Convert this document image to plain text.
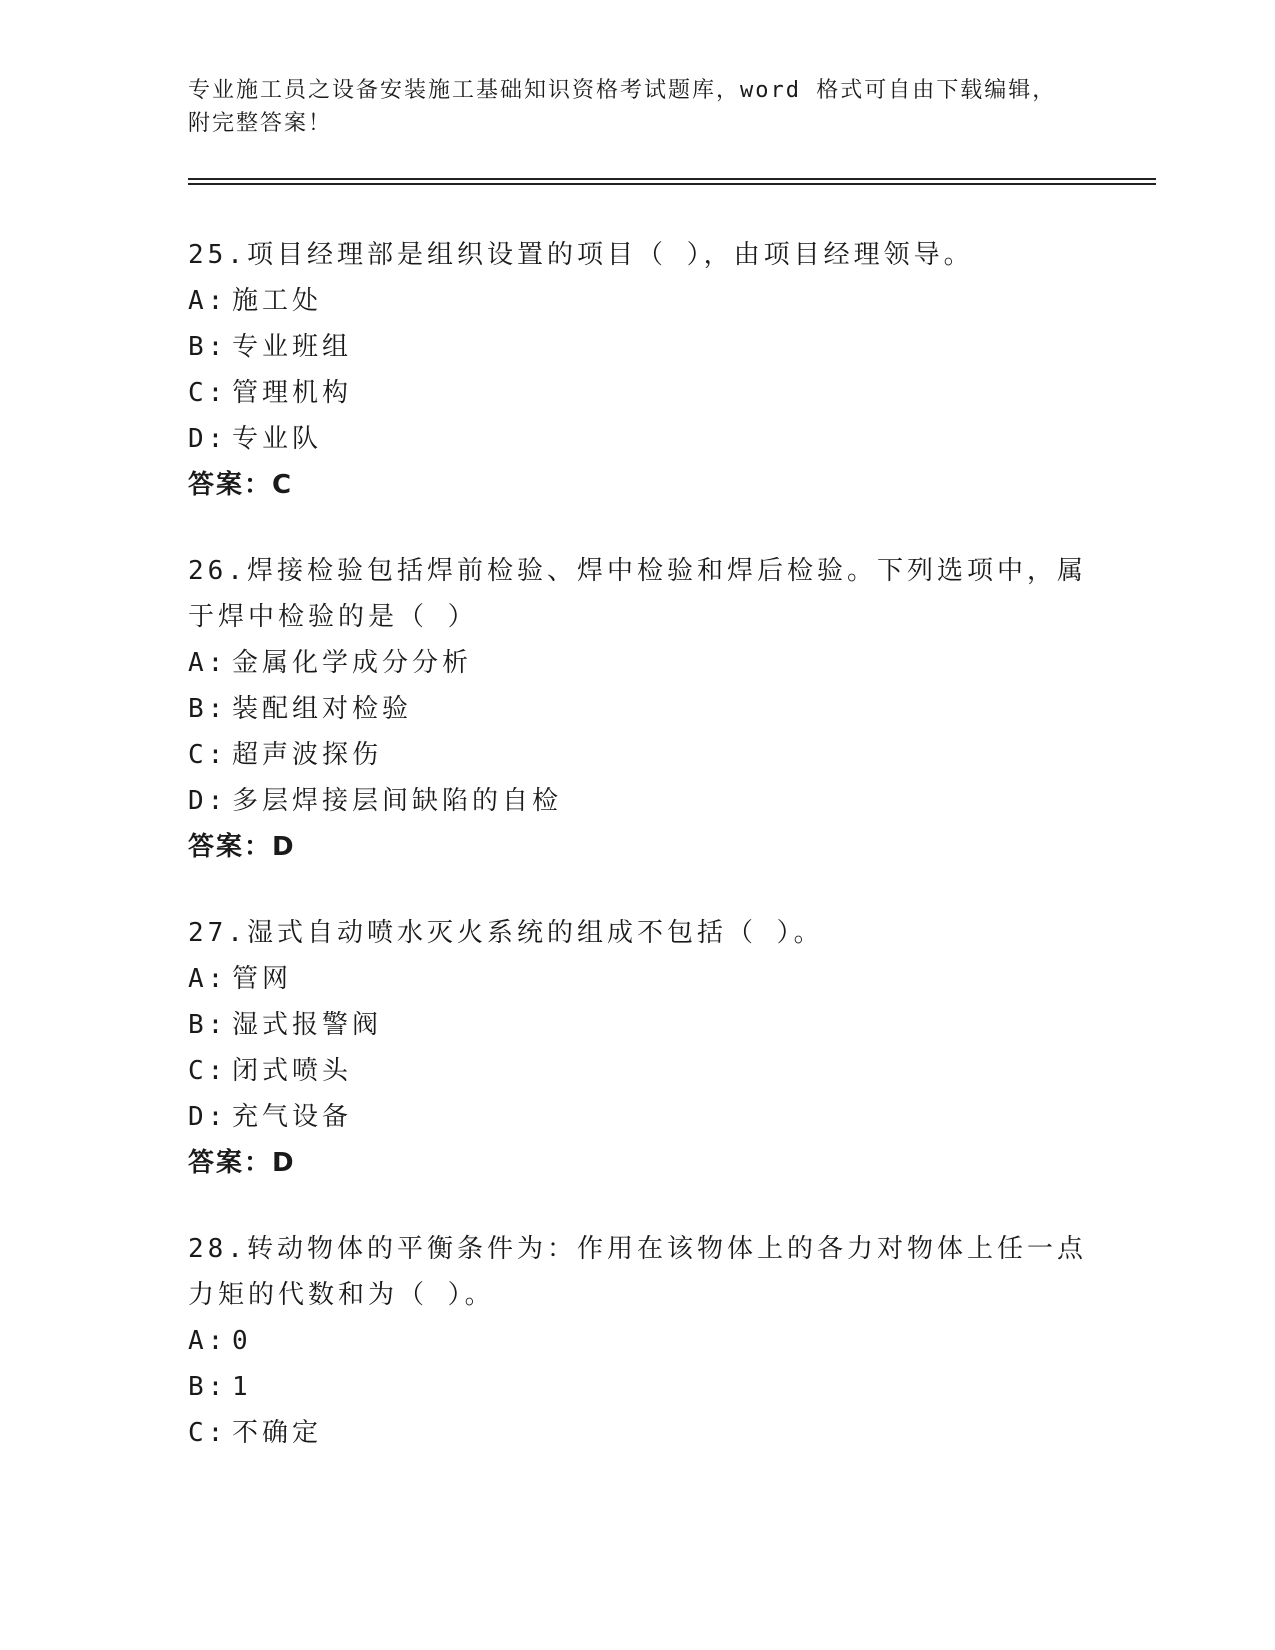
专业施工员之设备安装施工基础知识资格考试题库，word 格式可自由下载编辑，
附完整答案！

25.项目经理部是组织设置的项目（ ），由项目经理领导。

A: 施工处
B: 专业班组
C: 管理机构
D: 专业队
答案：C

26.焊接检验包括焊前检验、焊中检验和焊后检验。下列选项中，属于焊中检验的是（ ）

A: 金属化学成分分析
B: 装配组对检验
C: 超声波探伤
D: 多层焊接层间缺陷的自检
答案：D

27.湿式自动喷水灭火系统的组成不包括（ ）。

A: 管网
B: 湿式报警阀
C: 闭式喷头
D: 充气设备
答案：D

28.转动物体的平衡条件为：作用在该物体上的各力对物体上任一点力矩的代数和为（ ）。

A: 0
B: 1
C: 不确定
